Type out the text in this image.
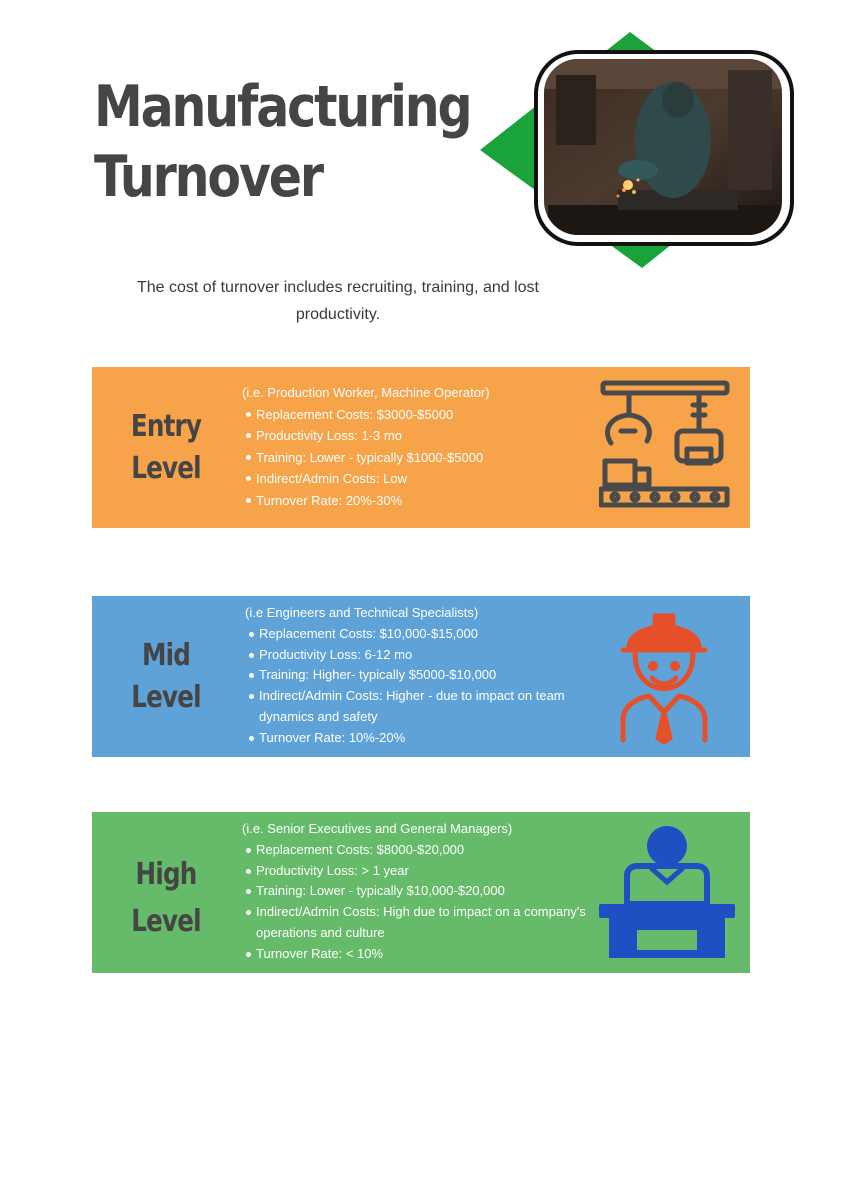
Manufacturing
Turnover

The cost of turnover includes recruiting, training, and lost productivity.

Entry
Level
(i.e. Production Worker, Machine Operator)
Replacement Costs: $3000-$5000
Productivity Loss: 1-3 mo
Training: Lower - typically $1000-$5000
Indirect/Admin Costs: Low
Turnover Rate: 20%-30%
Mid
Level
(i.e Engineers and Technical Specialists)
Replacement Costs: $10,000-$15,000
Productivity Loss: 6-12 mo
Training: Higher- typically $5000-$10,000
Indirect/Admin Costs: Higher - due to impact on team dynamics and safety
Turnover Rate: 10%-20%
High
Level
(i.e. Senior Executives and General Managers)
Replacement Costs: $8000-$20,000
Productivity Loss: > 1 year
Training: Lower - typically $10,000-$20,000
Indirect/Admin Costs: High due to impact on a company's operations and culture
Turnover Rate: < 10%
